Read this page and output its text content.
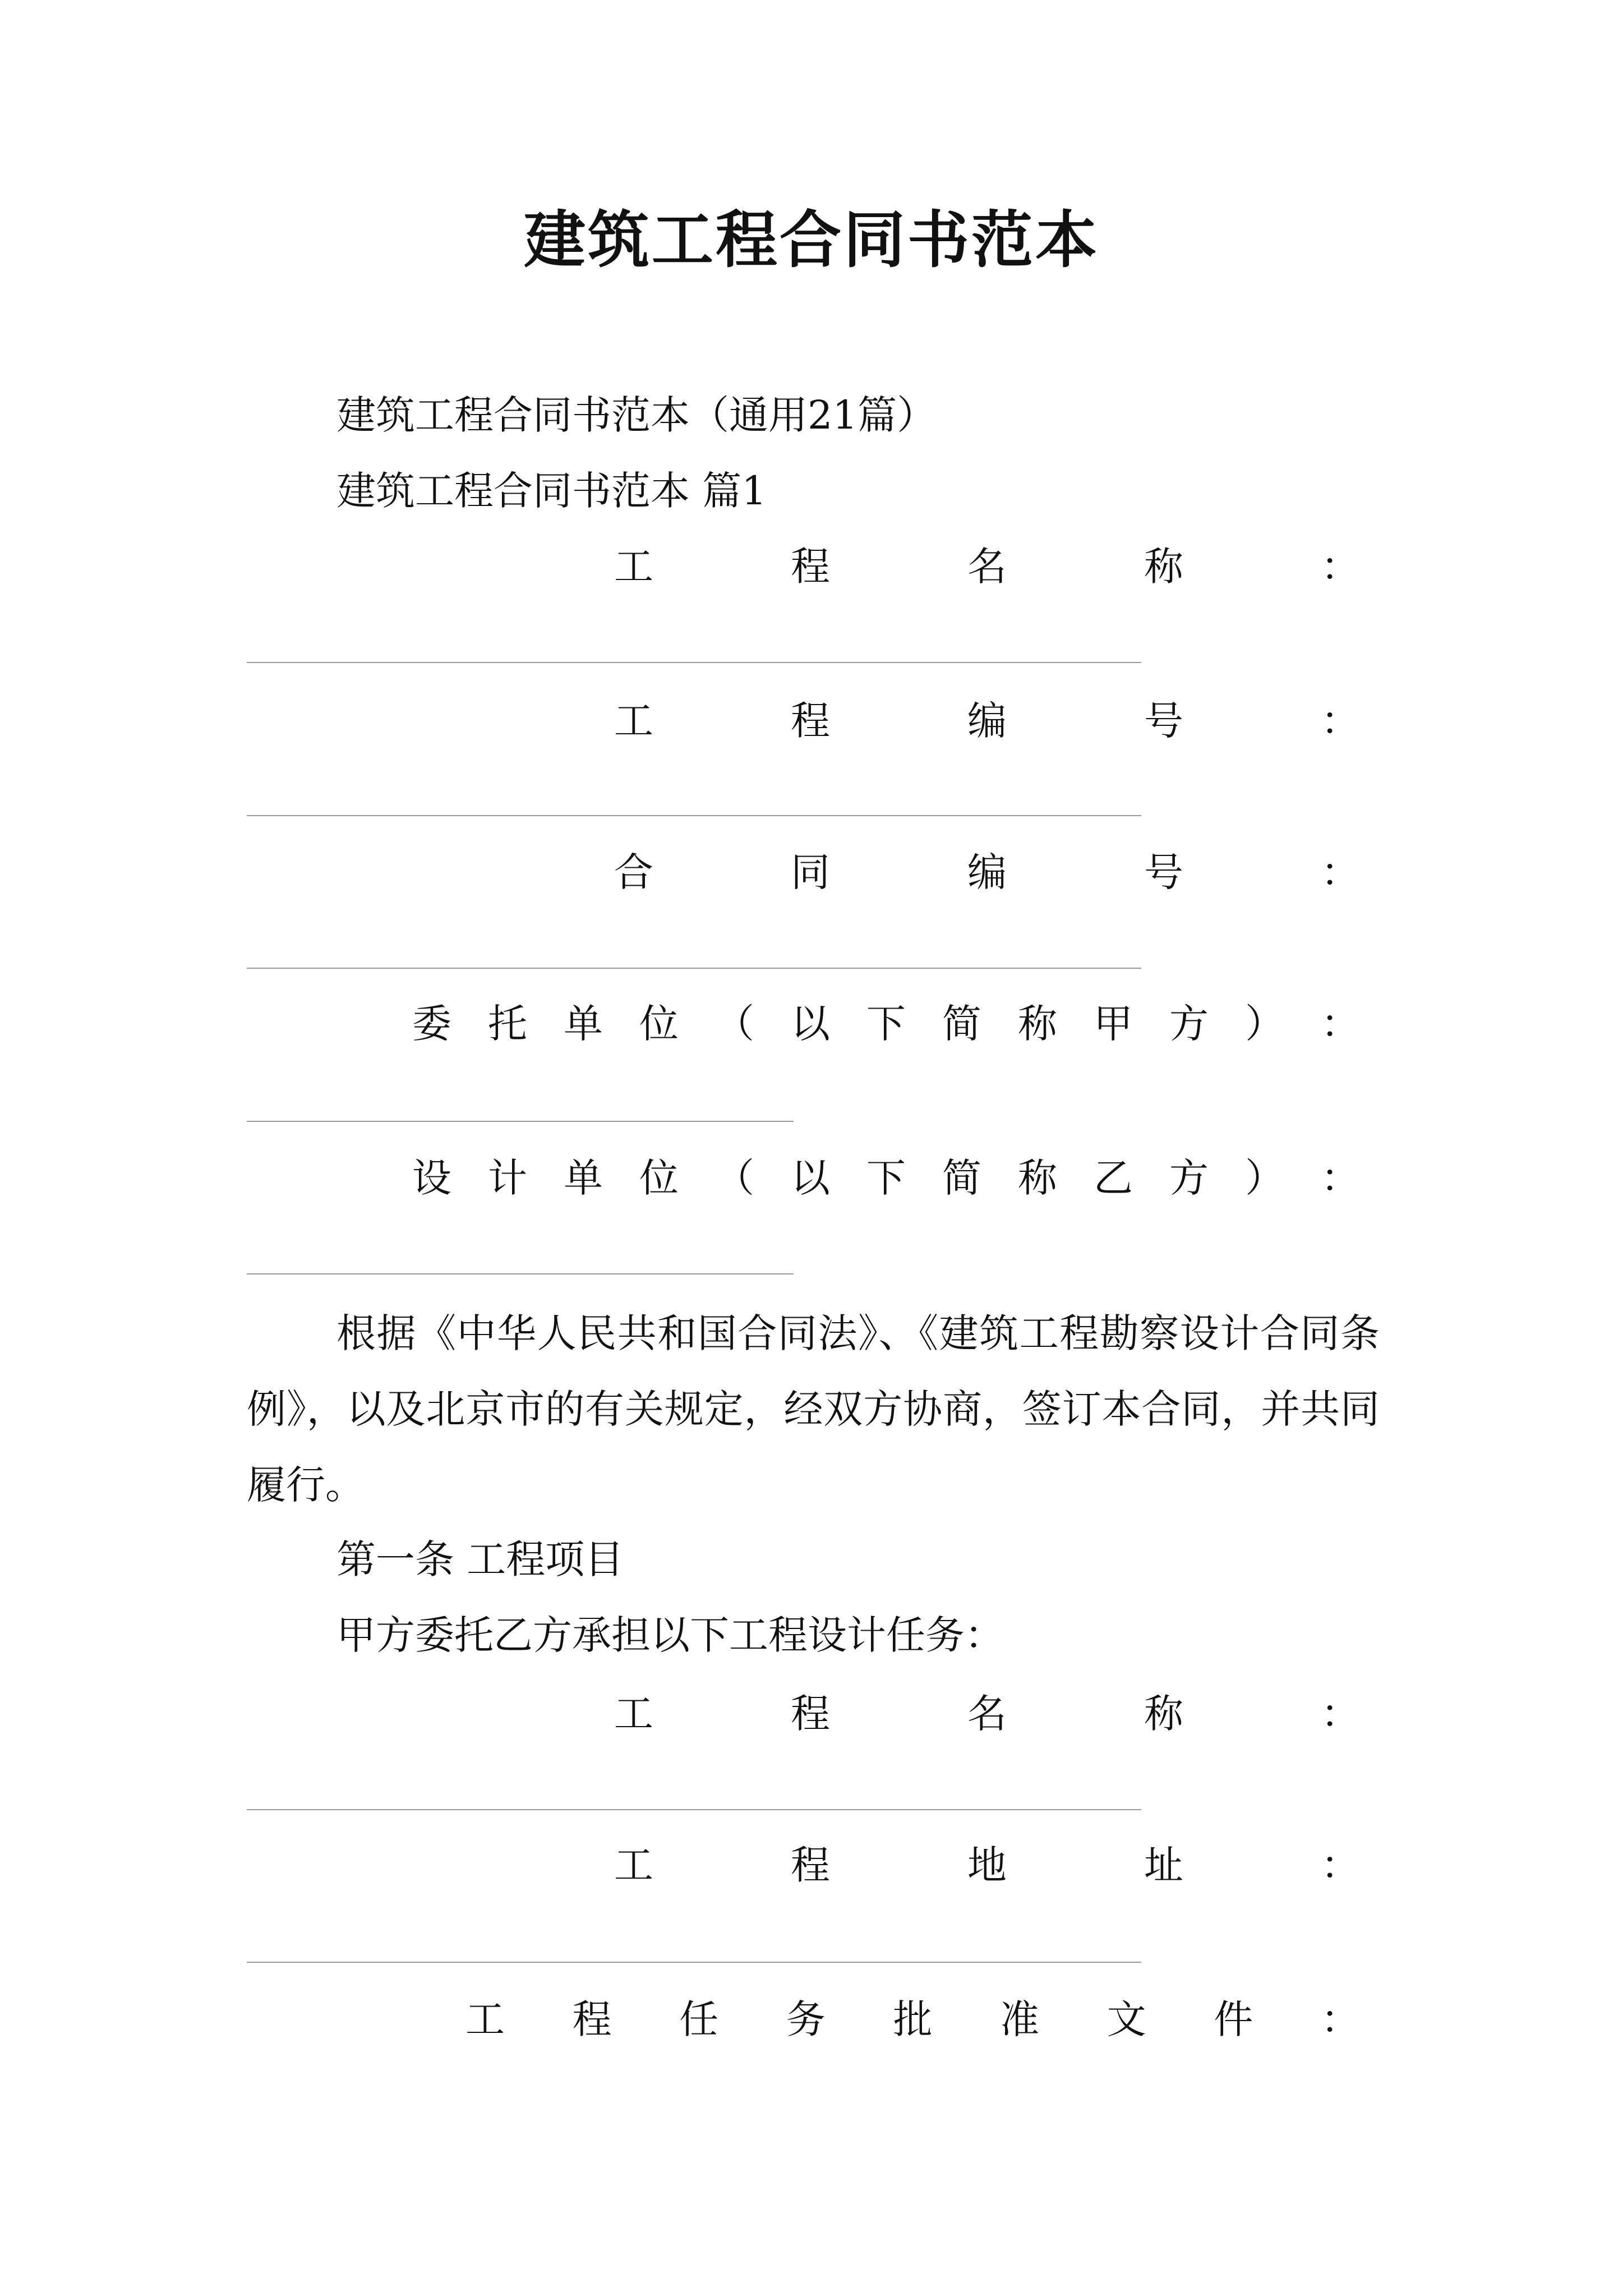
建筑工程合同书范本
建筑工程合同书范本（通用21篇）
建筑工程合同书范本 篇1
工	程	名	称	：
工	程	编	号	：
合	同	编	号	：
委 托 单 位 （ 以 下 简 称 甲 方 ） ：
设 计 单 位 （ 以 下 简 称 乙 方 ） ：
根据《中华人民共和国合同法》、《建筑工程勘察设计合同条例》，以及北京市的有关规定，经双方协商，签订本合同，并共同履行。
第一条 工程项目
甲方委托乙方承担以下工程设计任务：
工	程	名	称	：
工	程	地	址	：
工 程 任 务 批 准 文 件 ：
